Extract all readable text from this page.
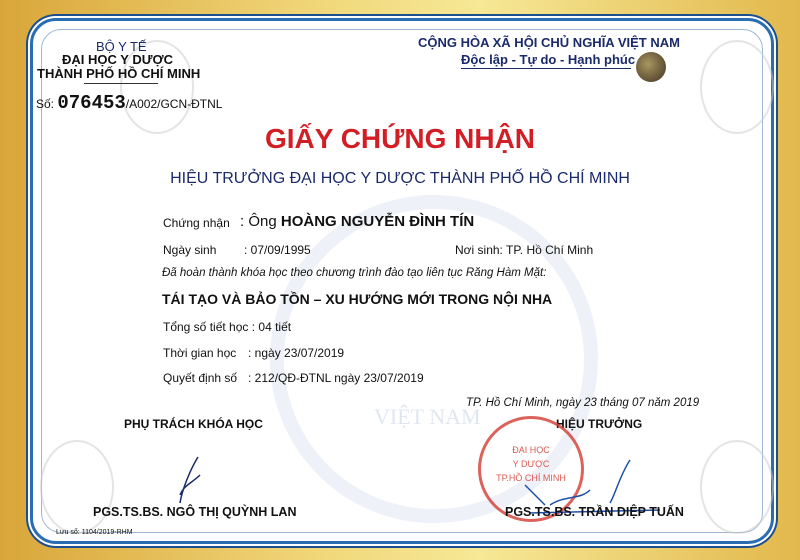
VIỆT NAM
BỘ Y TẾ
ĐẠI HỌC Y DƯỢC
THÀNH PHỐ HỒ CHÍ MINH
Số: 076453/A002/GCN-ĐTNL
CỘNG HÒA XÃ HỘI CHỦ NGHĨA VIỆT NAM
Độc lập - Tự do - Hạnh phúc
GIẤY CHỨNG NHẬN
HIỆU TRƯỞNG ĐẠI HỌC Y DƯỢC THÀNH PHỐ HỒ CHÍ MINH
Chứng nhận : Ông HOÀNG NGUYỄN ĐÌNH TÍN
Ngày sinh : 07/09/1995	Nơi sinh: TP. Hồ Chí Minh
Đã hoàn thành khóa học theo chương trình đào tạo liên tục Răng Hàm Mặt:
TÁI TẠO VÀ BẢO TỒN – XU HƯỚNG MỚI TRONG NỘI NHA
Tổng số tiết học : 04 tiết
Thời gian học : ngày 23/07/2019
Quyết định số : 212/QĐ-ĐTNL ngày 23/07/2019
TP. Hồ Chí Minh, ngày 23 tháng 07 năm 2019
PHỤ TRÁCH KHÓA HỌC	HIỆU TRƯỞNG
ĐẠI HỌC
Y DƯỢC
TP.HỒ CHÍ MINH
PGS.TS.BS. NGÔ THỊ QUỲNH LAN	PGS.TS.BS. TRẦN DIỆP TUẤN
Lưu sổ: 1104/2019-RHM
